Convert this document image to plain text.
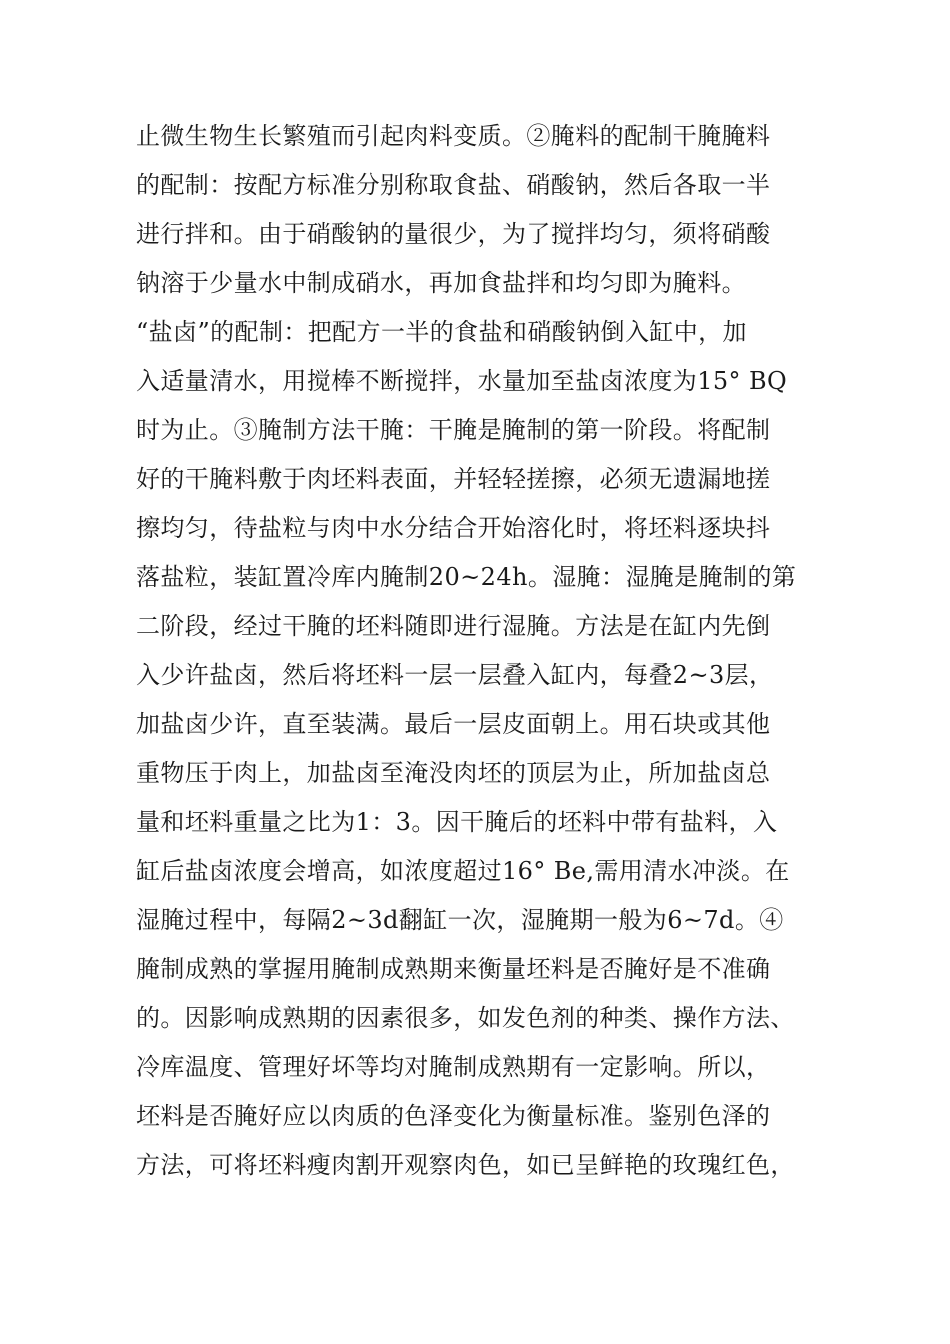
止微生物生长繁殖而引起肉料变质。②腌料的配制干腌腌料
的配制：按配方标准分别称取食盐、硝酸钠，然后各取一半
进行拌和。由于硝酸钠的量很少，为了搅拌均匀，须将硝酸
钠溶于少量水中制成硝水，再加食盐拌和均匀即为腌料。
“盐卤”的配制：把配方一半的食盐和硝酸钠倒入缸中，加
入适量清水，用搅棒不断搅拌，水量加至盐卤浓度为15° BQ
时为止。③腌制方法干腌：干腌是腌制的第一阶段。将配制
好的干腌料敷于肉坯料表面，并轻轻搓擦，必须无遗漏地搓
擦均匀，待盐粒与肉中水分结合开始溶化时，将坯料逐块抖
落盐粒，装缸置冷库内腌制20~24h。湿腌：湿腌是腌制的第
二阶段，经过干腌的坯料随即进行湿腌。方法是在缸内先倒
入少许盐卤，然后将坯料一层一层叠入缸内，每叠2~3层，
加盐卤少许，直至装满。最后一层皮面朝上。用石块或其他
重物压于肉上，加盐卤至淹没肉坯的顶层为止，所加盐卤总
量和坯料重量之比为1：3。因干腌后的坯料中带有盐料，入
缸后盐卤浓度会增高，如浓度超过16° Be,需用清水冲淡。在
湿腌过程中，每隔2~3d翻缸一次，湿腌期一般为6~7d。④
腌制成熟的掌握用腌制成熟期来衡量坯料是否腌好是不准确
的。因影响成熟期的因素很多，如发色剂的种类、操作方法、
冷库温度、管理好坏等均对腌制成熟期有一定影响。所以，
坯料是否腌好应以肉质的色泽变化为衡量标准。鉴别色泽的
方法，可将坯料瘦肉割开观察肉色，如已呈鲜艳的玫瑰红色，
